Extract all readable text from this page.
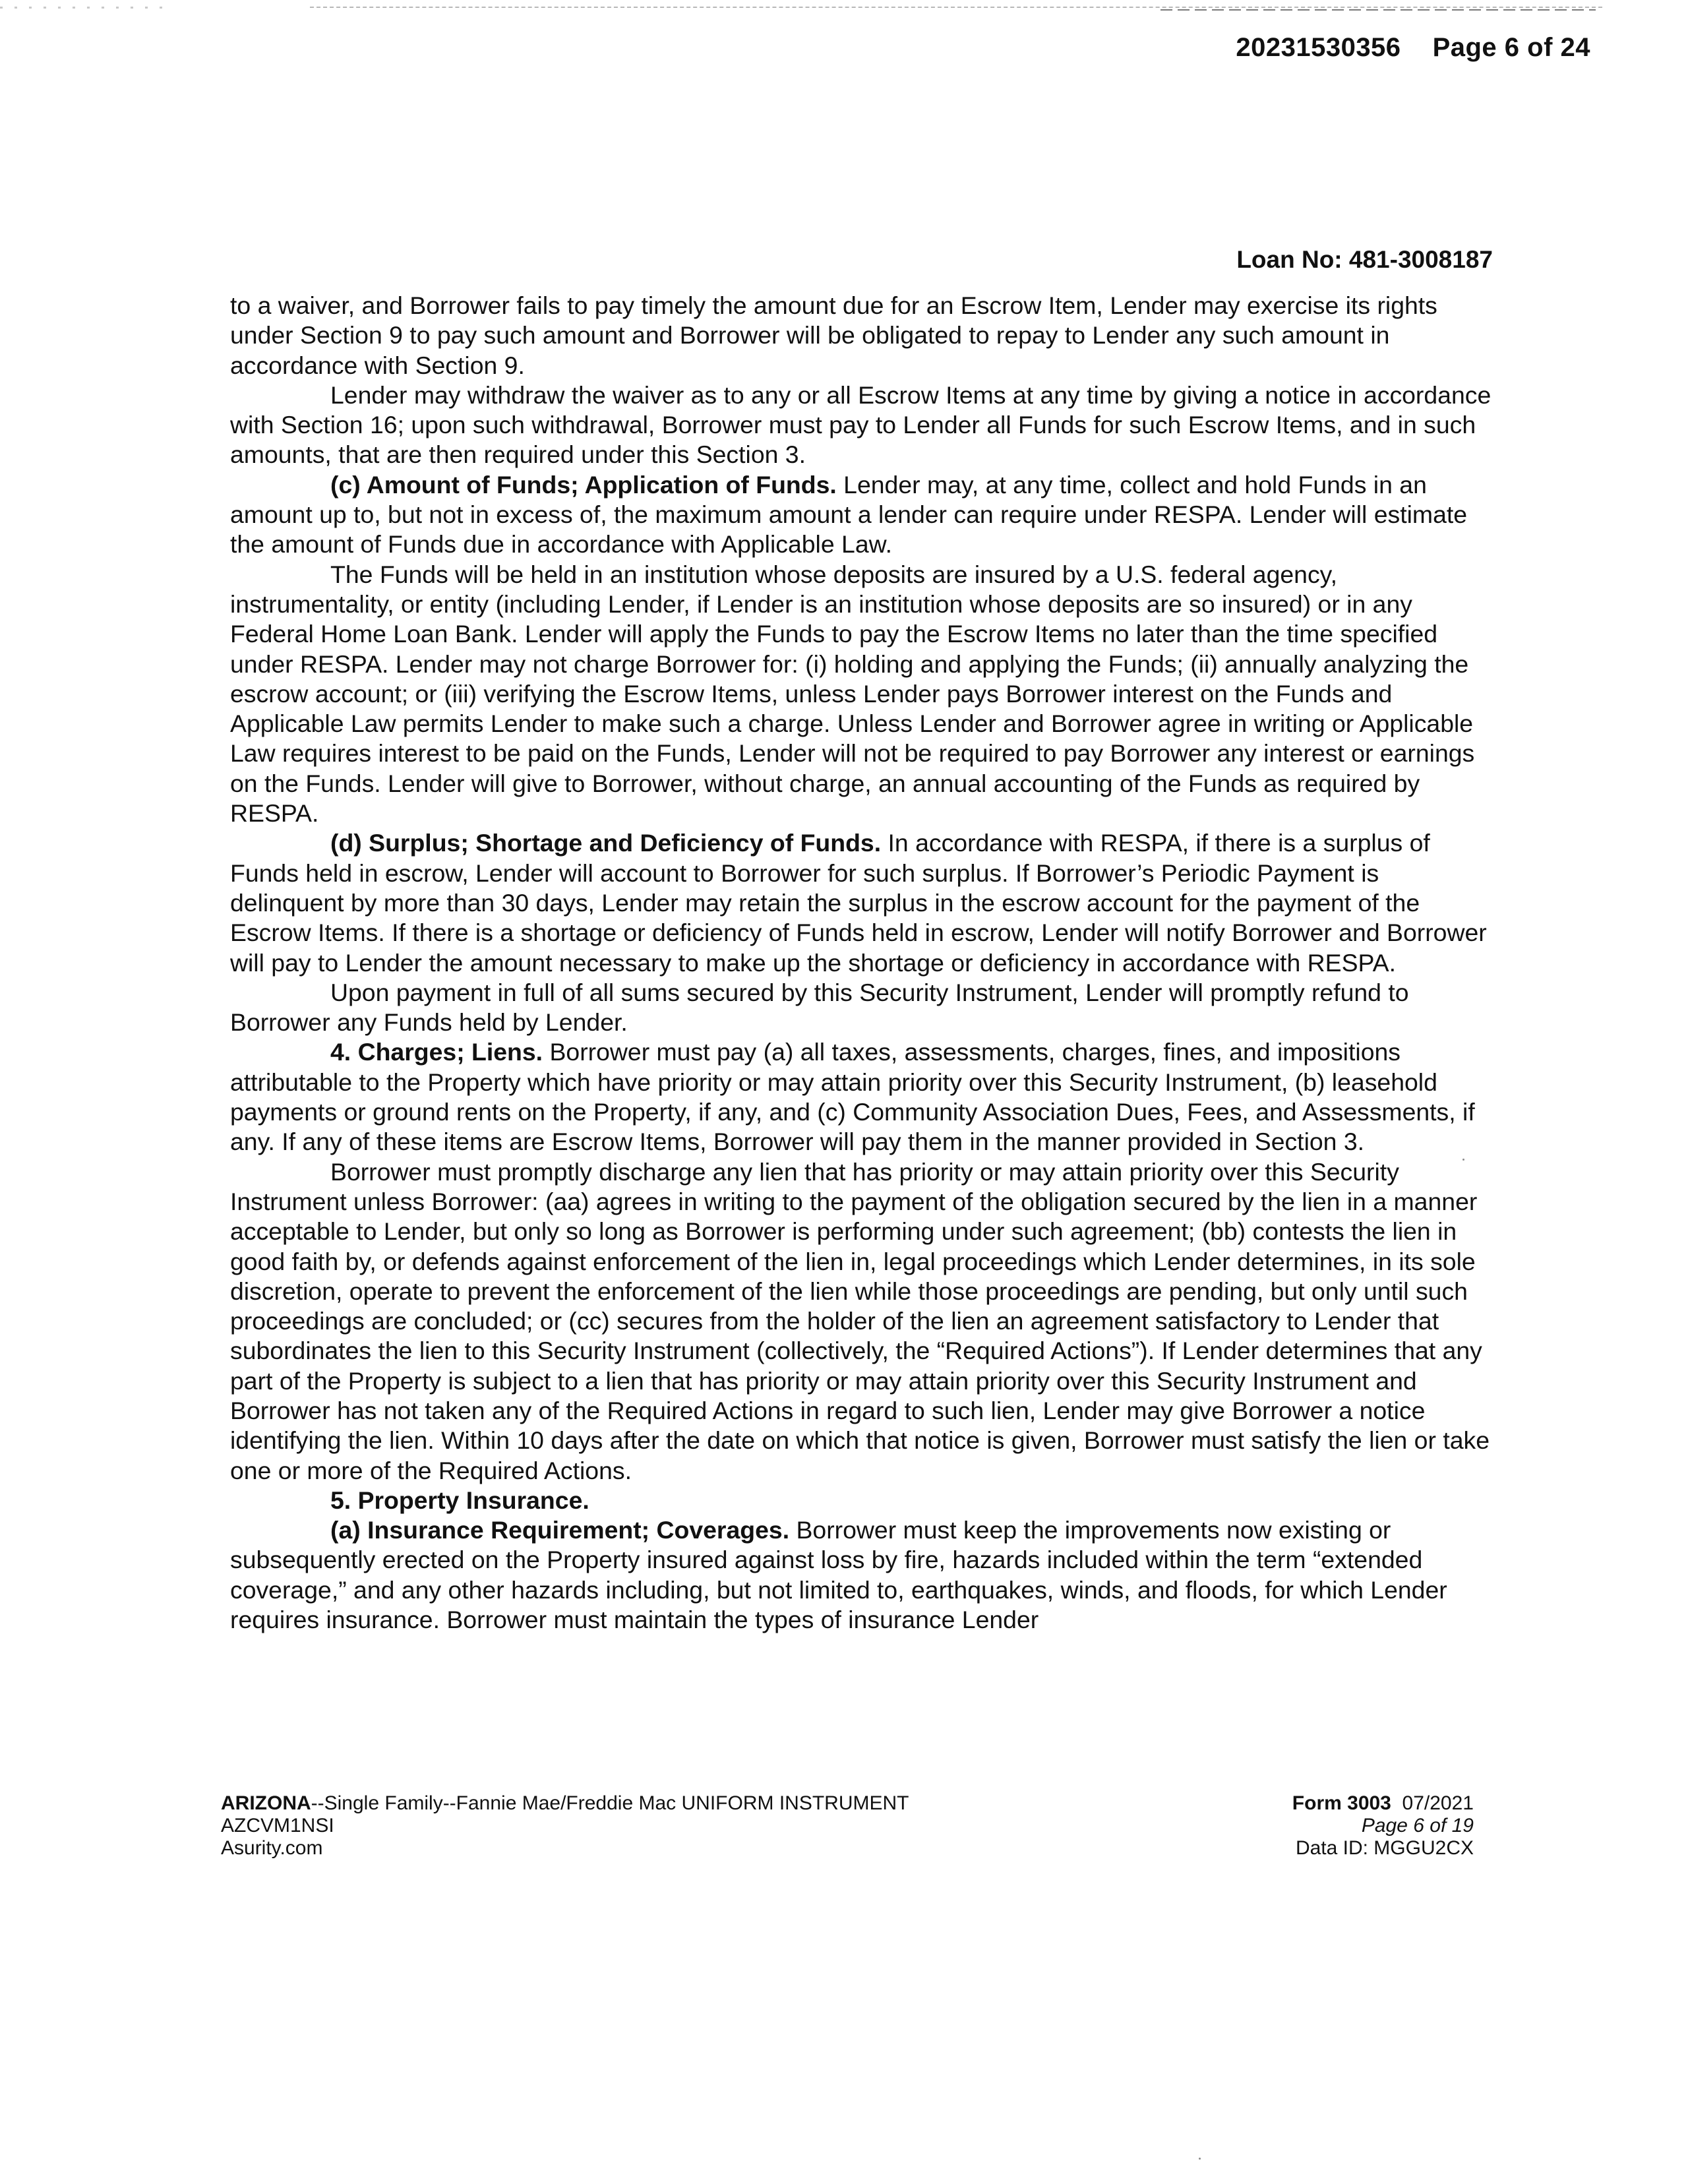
20231530356 Page 6 of 24
Loan No: 481-3008187

to a waiver, and Borrower fails to pay timely the amount due for an Escrow Item, Lender may exercise its rights under Section 9 to pay such amount and Borrower will be obligated to repay to Lender any such amount in accordance with Section 9.

Lender may withdraw the waiver as to any or all Escrow Items at any time by giving a notice in accordance with Section 16; upon such withdrawal, Borrower must pay to Lender all Funds for such Escrow Items, and in such amounts, that are then required under this Section 3.

(c) Amount of Funds; Application of Funds. Lender may, at any time, collect and hold Funds in an amount up to, but not in excess of, the maximum amount a lender can require under RESPA. Lender will estimate the amount of Funds due in accordance with Applicable Law.

The Funds will be held in an institution whose deposits are insured by a U.S. federal agency, instrumentality, or entity (including Lender, if Lender is an institution whose deposits are so insured) or in any Federal Home Loan Bank. Lender will apply the Funds to pay the Escrow Items no later than the time specified under RESPA. Lender may not charge Borrower for: (i) holding and applying the Funds; (ii) annually analyzing the escrow account; or (iii) verifying the Escrow Items, unless Lender pays Borrower interest on the Funds and Applicable Law permits Lender to make such a charge. Unless Lender and Borrower agree in writing or Applicable Law requires interest to be paid on the Funds, Lender will not be required to pay Borrower any interest or earnings on the Funds. Lender will give to Borrower, without charge, an annual accounting of the Funds as required by RESPA.

(d) Surplus; Shortage and Deficiency of Funds. In accordance with RESPA, if there is a surplus of Funds held in escrow, Lender will account to Borrower for such surplus. If Borrower’s Periodic Payment is delinquent by more than 30 days, Lender may retain the surplus in the escrow account for the payment of the Escrow Items. If there is a shortage or deficiency of Funds held in escrow, Lender will notify Borrower and Borrower will pay to Lender the amount necessary to make up the shortage or deficiency in accordance with RESPA.

Upon payment in full of all sums secured by this Security Instrument, Lender will promptly refund to Borrower any Funds held by Lender.

4. Charges; Liens. Borrower must pay (a) all taxes, assessments, charges, fines, and impositions attributable to the Property which have priority or may attain priority over this Security Instrument, (b) leasehold payments or ground rents on the Property, if any, and (c) Community Association Dues, Fees, and Assessments, if any. If any of these items are Escrow Items, Borrower will pay them in the manner provided in Section 3.

Borrower must promptly discharge any lien that has priority or may attain priority over this Security Instrument unless Borrower: (aa) agrees in writing to the payment of the obligation secured by the lien in a manner acceptable to Lender, but only so long as Borrower is performing under such agreement; (bb) contests the lien in good faith by, or defends against enforcement of the lien in, legal proceedings which Lender determines, in its sole discretion, operate to prevent the enforcement of the lien while those proceedings are pending, but only until such proceedings are concluded; or (cc) secures from the holder of the lien an agreement satisfactory to Lender that subordinates the lien to this Security Instrument (collectively, the “Required Actions”). If Lender determines that any part of the Property is subject to a lien that has priority or may attain priority over this Security Instrument and Borrower has not taken any of the Required Actions in regard to such lien, Lender may give Borrower a notice identifying the lien. Within 10 days after the date on which that notice is given, Borrower must satisfy the lien or take one or more of the Required Actions.

5. Property Insurance.

(a) Insurance Requirement; Coverages. Borrower must keep the improvements now existing or subsequently erected on the Property insured against loss by fire, hazards included within the term “extended coverage,” and any other hazards including, but not limited to, earthquakes, winds, and floods, for which Lender requires insurance. Borrower must maintain the types of insurance Lender

ARIZONA--Single Family--Fannie Mae/Freddie Mac UNIFORM INSTRUMENT
AZCVM1NSI
Asurity.com
Form 3003 07/2021
Page 6 of 19
Data ID: MGGU2CX
